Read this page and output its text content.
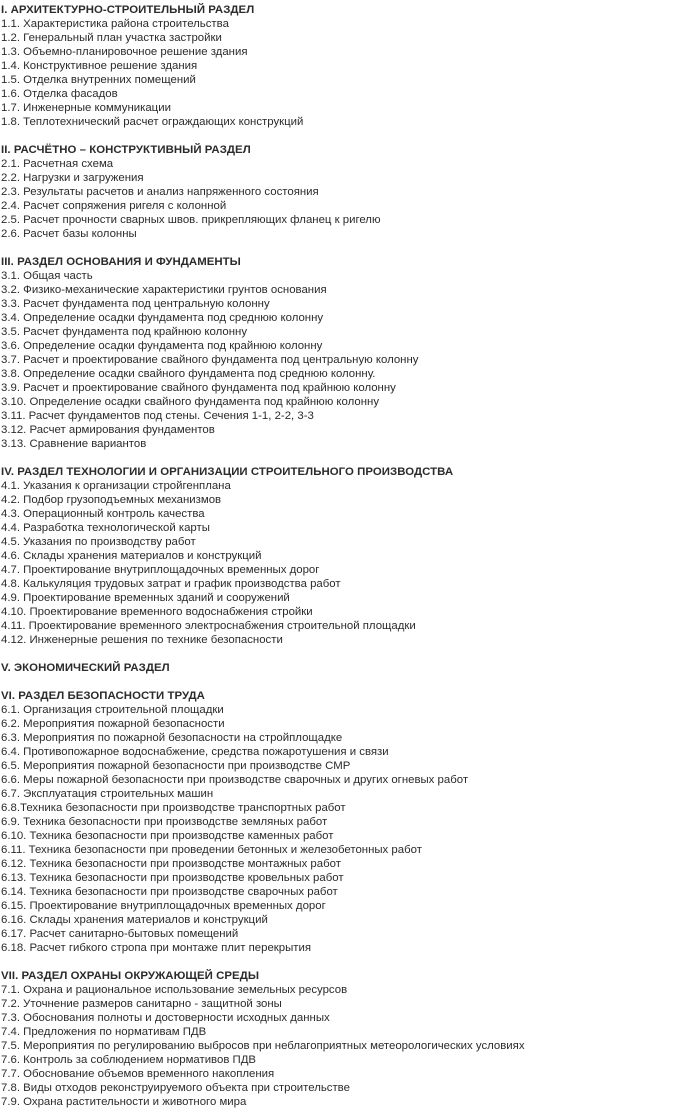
I. АРХИТЕКТУРНО-СТРОИТЕЛЬНЫЙ РАЗДЕЛ
1.1. Характеристика района строительства
1.2. Генеральный план участка застройки
1.3. Объемно-планировочное решение здания
1.4. Конструктивное решение здания
1.5. Отделка внутренних помещений
1.6. Отделка фасадов
1.7. Инженерные коммуникации
1.8. Теплотехнический расчет ограждающих конструкций
II. РАСЧЁТНО – КОНСТРУКТИВНЫЙ РАЗДЕЛ
2.1. Расчетная схема
2.2. Нагрузки и загружения
2.3. Результаты расчетов и анализ напряженного состояния
2.4. Расчет сопряжения ригеля с колонной
2.5. Расчет прочности сварных швов. прикрепляющих фланец к ригелю
2.6. Расчет базы колонны
III. РАЗДЕЛ ОСНОВАНИЯ И ФУНДАМЕНТЫ
3.1. Общая часть
3.2. Физико-механические характеристики грунтов основания
3.3. Расчет фундамента под центральную колонну
3.4. Определение осадки фундамента под среднюю колонну
3.5. Расчет фундамента под крайнюю колонну
3.6. Определение осадки фундамента под крайнюю колонну
3.7. Расчет и проектирование свайного фундамента под центральную колонну
3.8. Определение осадки свайного фундамента под среднюю колонну.
3.9. Расчет и проектирование свайного фундамента под крайнюю колонну
3.10. Определение осадки свайного фундамента под крайнюю колонну
3.11. Расчет фундаментов под стены. Сечения 1-1, 2-2, 3-3
3.12. Расчет армирования фундаментов
3.13. Сравнение вариантов
IV. РАЗДЕЛ ТЕХНОЛОГИИ И ОРГАНИЗАЦИИ СТРОИТЕЛЬНОГО ПРОИЗВОДСТВА
4.1. Указания к организации стройгенплана
4.2. Подбор грузоподъемных механизмов
4.3. Операционный контроль качества
4.4. Разработка технологической карты
4.5. Указания по производству работ
4.6. Склады хранения материалов и конструкций
4.7. Проектирование внутриплощадочных временных дорог
4.8. Калькуляция трудовых затрат и график производства работ
4.9. Проектирование временных зданий и сооружений
4.10. Проектирование временного водоснабжения стройки
4.11. Проектирование временного электроснабжения строительной площадки
4.12. Инженерные решения по технике безопасности
V. ЭКОНОМИЧЕСКИЙ РАЗДЕЛ
VI. РАЗДЕЛ БЕЗОПАСНОСТИ ТРУДА
6.1. Организация строительной площадки
6.2. Мероприятия пожарной безопасности
6.3. Мероприятия по пожарной безопасности на стройплощадке
6.4. Противопожарное водоснабжение, средства пожаротушения и связи
6.5. Мероприятия пожарной безопасности при производстве СМР
6.6. Меры пожарной безопасности при производстве сварочных и других огневых работ
6.7. Эксплуатация строительных машин
6.8.Техника безопасности при производстве транспортных работ
6.9. Техника безопасности при производстве земляных работ
6.10. Техника безопасности при производстве каменных работ
6.11. Техника безопасности при проведении бетонных и железобетонных работ
6.12. Техника безопасности при производстве монтажных работ
6.13. Техника безопасности при производстве кровельных работ
6.14. Техника безопасности при производстве сварочных работ
6.15. Проектирование внутриплощадочных временных дорог
6.16. Склады хранения материалов и конструкций
6.17. Расчет санитарно-бытовых помещений
6.18. Расчет гибкого стропа при монтаже плит перекрытия
VII. РАЗДЕЛ ОХРАНЫ ОКРУЖАЮЩЕЙ СРЕДЫ
7.1. Охрана и рациональное использование земельных ресурсов
7.2. Уточнение размеров санитарно - защитной зоны
7.3. Обоснования полноты и достоверности исходных данных
7.4. Предложения по нормативам ПДВ
7.5. Мероприятия по регулированию выбросов при неблагоприятных метеорологических условиях
7.6. Контроль за соблюдением нормативов ПДВ
7.7. Обоснование объемов временного накопления
7.8. Виды отходов реконструируемого объекта при строительстве
7.9. Охрана растительности и животного мира
